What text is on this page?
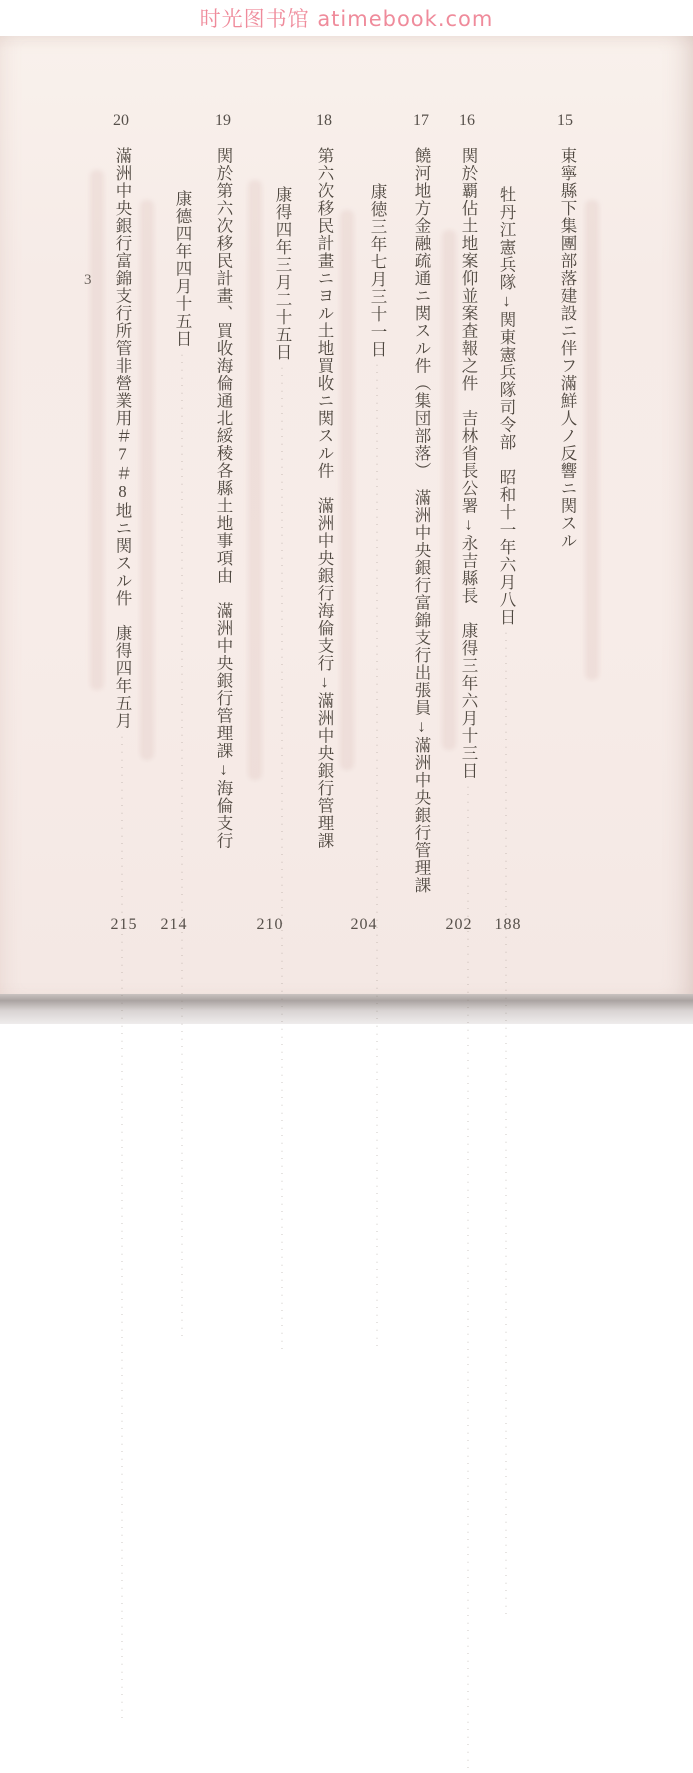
时光图书馆 atimebook.com
3
15
東寧縣下集團部落建設ニ伴フ滿鮮人ノ反響ニ関スル
牡丹江憲兵隊↓関東憲兵隊司令部　昭和十一年六月八日··································································································································
188
16
関於覇佔土地案仰並案査報之件　吉林省長公署↓永吉縣長　康得三年六月十三日··································································································································
202
17
饒河地方金融疏通ニ関スル件（集団部落）　滿洲中央銀行富錦支行出張員↓滿洲中央銀行管理課
康徳三年七月三十一日··································································································································
204
18
第六次移民計畫ニヨル土地買收ニ関スル件　滿洲中央銀行海倫支行↓滿洲中央銀行管理課
康得四年三月二十五日··································································································································
210
19
関於第六次移民計畫、買收海倫通北綏稜各縣土地事項由　滿洲中央銀行管理課↓海倫支行
康德四年四月十五日··································································································································
214
20
滿洲中央銀行富錦支行所管非營業用＃7＃8地ニ関スル件　康得四年五月··································································································································
215
